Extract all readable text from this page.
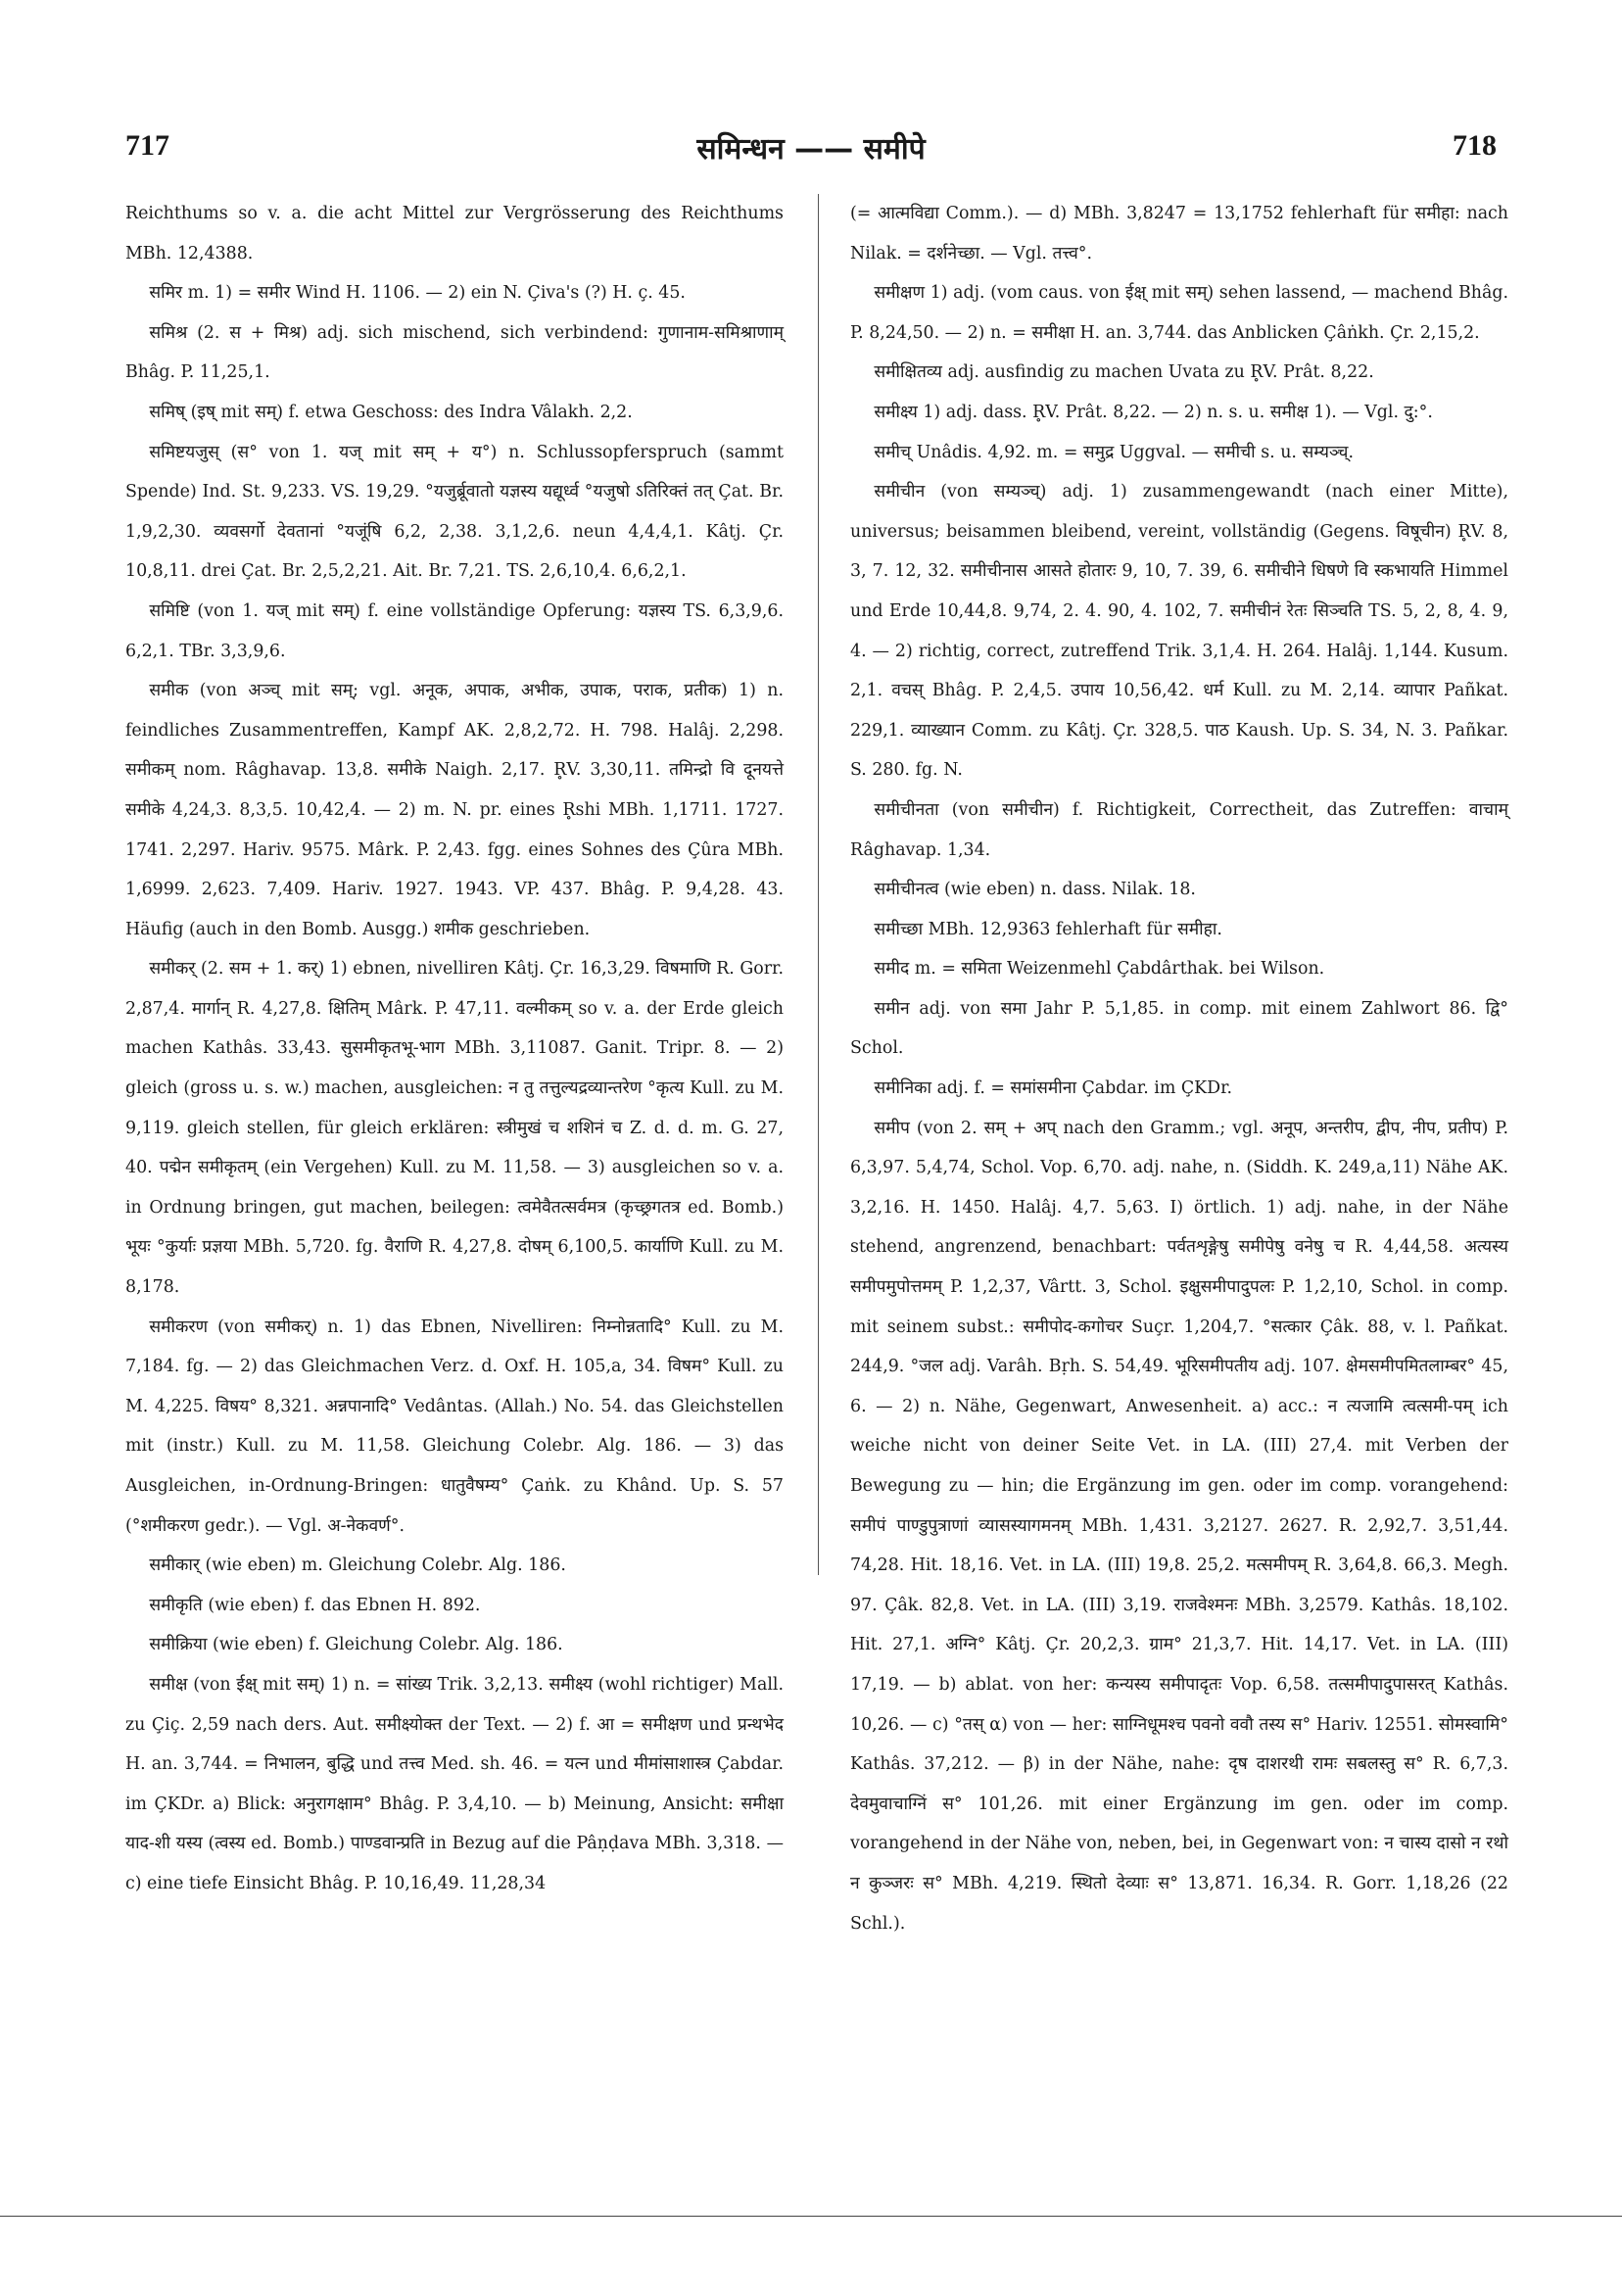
717	समिन्धन —— समीपे	718

Reichthums so v. a. die acht Mittel zur Vergrösserung des Reichthums MBh. 12,4388.

समिर m. 1) = समीर Wind H. 1106. — 2) ein N. Çiva's (?) H. ç. 45.

समिश्र (2. स + मिश्र) adj. sich mischend, sich verbindend: गुणानाम-समिश्राणाम् Bhâg. P. 11,25,1.

समिष् (इष् mit सम्) f. etwa Geschoss: des Indra Vâlakh. 2,2.

समिष्टयजुस् (स° von 1. यज् mit सम् + य°) n. Schlussopferspruch (sammt Spende) Ind. St. 9,233. VS. 19,29. °यजुर्ब्रूवातो यज्ञस्य यद्यूर्ध्व °यजुषो ऽतिरिक्तं तत् Çat. Br. 1,9,2,30. व्यवसर्गो देवतानां °यजूंषि 6,2, 2,38. 3,1,2,6. neun 4,4,4,1. Kâtj. Çr. 10,8,11. drei Çat. Br. 2,5,2,21. Ait. Br. 7,21. TS. 2,6,10,4. 6,6,2,1.

समिष्टि (von 1. यज् mit सम्) f. eine vollständige Opferung: यज्ञस्य TS. 6,3,9,6. 6,2,1. TBr. 3,3,9,6.

समीक (von अञ्च् mit सम्; vgl. अनूक, अपाक, अभीक, उपाक, पराक, प्रतीक) 1) n. feindliches Zusammentreffen, Kampf AK. 2,8,2,72. H. 798. Halâj. 2,298. समीकम् nom. Râghavap. 13,8. समीके Naigh. 2,17. R̥V. 3,30,11. तमिन्द्रो वि दूनयत्ते समीके 4,24,3. 8,3,5. 10,42,4. — 2) m. N. pr. eines R̥shi MBh. 1,1711. 1727. 1741. 2,297. Hariv. 9575. Mârk. P. 2,43. fgg. eines Sohnes des Çûra MBh. 1,6999. 2,623. 7,409. Hariv. 1927. 1943. VP. 437. Bhâg. P. 9,4,28. 43. Häufig (auch in den Bomb. Ausgg.) शमीक geschrieben.

समीकर् (2. सम + 1. कर्) 1) ebnen, nivelliren Kâtj. Çr. 16,3,29. विषमाणि R. Gorr. 2,87,4. मार्गान् R. 4,27,8. क्षितिम् Mârk. P. 47,11. वल्मीकम् so v. a. der Erde gleich machen Kathâs. 33,43. सुसमीकृतभू-भाग MBh. 3,11087. Ganit. Tripr. 8. — 2) gleich (gross u. s. w.) machen, ausgleichen: न तु तत्तुल्यद्रव्यान्तरेण °कृत्य Kull. zu M. 9,119. gleich stellen, für gleich erklären: स्त्रीमुखं च शशिनं च Z. d. d. m. G. 27, 40. पद्मेन समीकृतम् (ein Vergehen) Kull. zu M. 11,58. — 3) ausgleichen so v. a. in Ordnung bringen, gut machen, beilegen: त्वमेवैतत्सर्वमत्र (कृच्छ्रगतत्र ed. Bomb.) भूयः °कुर्याः प्रज्ञया MBh. 5,720. fg. वैराणि R. 4,27,8. दोषम् 6,100,5. कार्याणि Kull. zu M. 8,178.

समीकरण (von समीकर्) n. 1) das Ebnen, Nivelliren: निम्नोन्नतादि° Kull. zu M. 7,184. fg. — 2) das Gleichmachen Verz. d. Oxf. H. 105,a, 34. विषम° Kull. zu M. 4,225. विषय° 8,321. अन्नपानादि° Vedântas. (Allah.) No. 54. das Gleichstellen mit (instr.) Kull. zu M. 11,58. Gleichung Colebr. Alg. 186. — 3) das Ausgleichen, in-Ordnung-Bringen: धातुवैषम्य° Çaṅk. zu Khând. Up. S. 57 (°शमीकरण gedr.). — Vgl. अ-नेकवर्ण°.

समीकार् (wie eben) m. Gleichung Colebr. Alg. 186.

समीकृति (wie eben) f. das Ebnen H. 892.

समीक्रिया (wie eben) f. Gleichung Colebr. Alg. 186.

समीक्ष (von ईक्ष् mit सम्) 1) n. = सांख्य Trik. 3,2,13. समीक्ष्य (wohl richtiger) Mall. zu Çiç. 2,59 nach ders. Aut. समीक्ष्योक्त der Text. — 2) f. आ = समीक्षण und प्रन्थभेद H. an. 3,744. = निभालन, बुद्धि und तत्त्व Med. sh. 46. = यत्न und मीमांसाशास्त्र Çabdar. im ÇKDr. a) Blick: अनुरागक्षाम° Bhâg. P. 3,4,10. — b) Meinung, Ansicht: समीक्षा याद-शी यस्य (त्वस्य ed. Bomb.) पाण्डवान्प्रति in Bezug auf die Pâṇḍava MBh. 3,318. — c) eine tiefe Einsicht Bhâg. P. 10,16,49. 11,28,34

(= आत्मविद्या Comm.). — d) MBh. 3,8247 = 13,1752 fehlerhaft für समीहा: nach Nilak. = दर्शनेच्छा. — Vgl. तत्त्व°.

समीक्षण 1) adj. (vom caus. von ईक्ष् mit सम्) sehen lassend, — machend Bhâg. P. 8,24,50. — 2) n. = समीक्षा H. an. 3,744. das Anblicken Çâṅkh. Çr. 2,15,2.

समीक्षितव्य adj. ausfindig zu machen Uvata zu R̥V. Prât. 8,22.

समीक्ष्य 1) adj. dass. R̥V. Prât. 8,22. — 2) n. s. u. समीक्ष 1). — Vgl. दु:°.

समीच् Unâdis. 4,92. m. = समुद्र Uggval. — समीची s. u. सम्यञ्च्.

समीचीन (von सम्यञ्च्) adj. 1) zusammengewandt (nach einer Mitte), universus; beisammen bleibend, vereint, vollständig (Gegens. विषूचीन) R̥V. 8, 3, 7. 12, 32. समीचीनास आसते होतारः 9, 10, 7. 39, 6. समीचीने धिषणे वि स्कभायति Himmel und Erde 10,44,8. 9,74, 2. 4. 90, 4. 102, 7. समीचीनं रेतः सिञ्चति TS. 5, 2, 8, 4. 9, 4. — 2) richtig, correct, zutreffend Trik. 3,1,4. H. 264. Halâj. 1,144. Kusum. 2,1. वचस् Bhâg. P. 2,4,5. उपाय 10,56,42. धर्म Kull. zu M. 2,14. व्यापार Pañkat. 229,1. व्याख्यान Comm. zu Kâtj. Çr. 328,5. पाठ Kaush. Up. S. 34, N. 3. Pañkar. S. 280. fg. N.

समीचीनता (von समीचीन) f. Richtigkeit, Correctheit, das Zutreffen: वाचाम् Râghavap. 1,34.

समीचीनत्व (wie eben) n. dass. Nilak. 18.

समीच्छा MBh. 12,9363 fehlerhaft für समीहा.

समीद m. = समिता Weizenmehl Çabdârthak. bei Wilson.

समीन adj. von समा Jahr P. 5,1,85. in comp. mit einem Zahlwort 86. द्वि° Schol.

समीनिका adj. f. = समांसमीना Çabdar. im ÇKDr.

समीप (von 2. सम् + अप् nach den Gramm.; vgl. अनूप, अन्तरीप, द्वीप, नीप, प्रतीप) P. 6,3,97. 5,4,74, Schol. Vop. 6,70. adj. nahe, n. (Siddh. K. 249,a,11) Nähe AK. 3,2,16. H. 1450. Halâj. 4,7. 5,63. I) örtlich. 1) adj. nahe, in der Nähe stehend, angrenzend, benachbart: पर्वतशृङ्गेषु समीपेषु वनेषु च R. 4,44,58. अत्यस्य समीपमुपोत्तमम् P. 1,2,37, Vârtt. 3, Schol. इक्षुसमीपादुपलः P. 1,2,10, Schol. in comp. mit seinem subst.: समीपोद-कगोचर Suçr. 1,204,7. °सत्कार Çâk. 88, v. l. Pañkat. 244,9. °जल adj. Varâh. Bṛh. S. 54,49. भूरिसमीपतीय adj. 107. क्षेमसमीपमितलाम्बर° 45, 6. — 2) n. Nähe, Gegenwart, Anwesenheit. a) acc.: न त्यजामि त्वत्समी-पम् ich weiche nicht von deiner Seite Vet. in LA. (III) 27,4. mit Verben der Bewegung zu — hin; die Ergänzung im gen. oder im comp. vorangehend: समीपं पाण्डुपुत्राणां व्यासस्यागमनम् MBh. 1,431. 3,2127. 2627. R. 2,92,7. 3,51,44. 74,28. Hit. 18,16. Vet. in LA. (III) 19,8. 25,2. मत्समीपम् R. 3,64,8. 66,3. Megh. 97. Çâk. 82,8. Vet. in LA. (III) 3,19. राजवेश्मनः MBh. 3,2579. Kathâs. 18,102. Hit. 27,1. अग्नि° Kâtj. Çr. 20,2,3. ग्राम° 21,3,7. Hit. 14,17. Vet. in LA. (III) 17,19. — b) ablat. von her: कन्यस्य समीपादृतः Vop. 6,58. तत्समीपादुपासरत् Kathâs. 10,26. — c) °तस् α) von — her: साग्निधूमश्च पवनो ववौ तस्य स° Hariv. 12551. सोमस्वामि° Kathâs. 37,212. — β) in der Nähe, nahe: दृष दाशरथी रामः सबलस्तु स° R. 6,7,3. देवमुवाचाग्निं स° 101,26. mit einer Ergänzung im gen. oder im comp. vorangehend in der Nähe von, neben, bei, in Gegenwart von: न चास्य दासो न रथो न कुञ्जरः स° MBh. 4,219. स्थितो देव्याः स° 13,871. 16,34. R. Gorr. 1,18,26 (22 Schl.).
